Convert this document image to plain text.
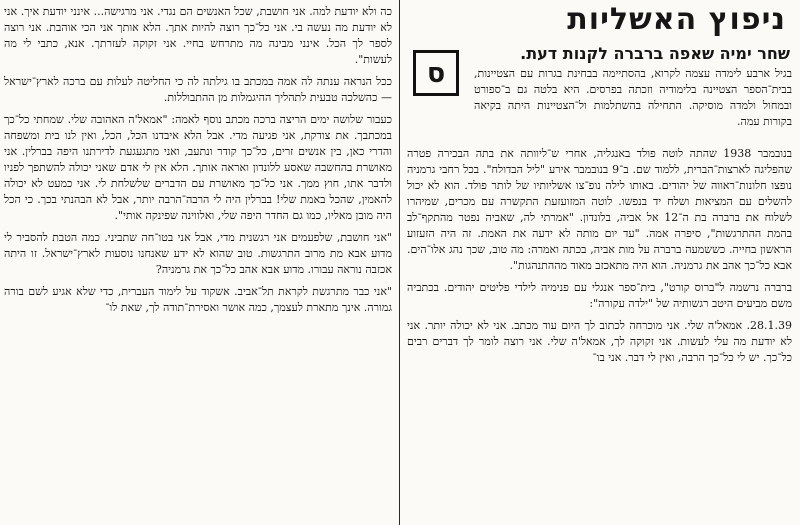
ניפוץ האשליות
שחר ימיה שאפה ברברה לקנות דעת.
ס	בגיל ארבע לימדה עצמה לקרוא, בהסתיימה בבחינת בגרות עם הצטיינות, בבית־הספר הצטיינה בלימודיה וזכתה בפרסים. היא בלטה גם ב־ספורט ובמחול ולמדה מוסיקה. התחילה בהשתלמות ול־הצטיינות היתה בקיאה בקורות עמה.

בנובמבר 1938 שהתה לוטה פולד באנגליה, אחרי ש־ליוותה את בתה הבכירה פטרה שהפליגה לארצות־הברית, ללמוד שם. ב־9 בנובמבר אירע "ליל הבדולח". בכל רחבי גרמניה נופצו חלונות־ראווה של יהודים. באותו לילה נופ־צו אשליותיו של לותר פולד. הוא לא יכול להשלים עם המציאות ושלח יד בנפשו. לוטה המזועזעת התקשרה עם מכרים, שמיהרו לשלוח את ברברה בת ה־12 אל אביה, בלונדון. "אמרתי לה, שאביה נפטר מהתקף־לב בהמת ההתרגשות", סיפרה אמה. "עד יום מותה לא ידעה את האמת. זה היה הזעזוע הראשון בחייה. כששמעה ברברה על מות אביה, בכתה ואמרה: מה טוב, שכך נהג אלו־הים. אבא כל־כך אהב את גרמניה. הוא היה מתאכזב מאוד מההתנהגות".

ברברה נרשמה ל"ברוס קורט", בית־ספר אנגלי עם פנימיה לילדי פליטים יהודים. בכתביה משם מביעים היטב רגשותיה של "ילדה עקורה":

28.1.39. אמאל'ה שלי. אני מוכרחה לכתוב לך היום עוד מכתב. אני לא יכולה יותר. אני לא יודעת מה עלי לעשות. אני זקוקה לך, אמאל'ה שלי. אני רוצה לומר לך דברים רבים כל־כך. יש לי כל־כך הרבה, ואין לי דבר. אני בו־

כה ולא יודעת למה. אני חושבת, שכל האנשים הם נגדי. אני מרגישה... אינני יודעת איך. אני לא יודעת מה נעשה בי. אני כל־כך רוצה להיות אתך. הלא אותך אני הכי אוהבת. אני רוצה לספר לך הכל. אינני מבינה מה מתרחש בחיי. אני זקוקה לעזרתך. אנא, כתבי לי מה לעשות".

ככל הנראה ענתה לה אמה במכתב בו גילתה לה כי החליטה לעלות עם ברכה לארץ־ישראל — כהשלכה טבעית לתהליך ההיגמלות מן ההתבוללות.

כעבור שלושה ימים הריצה ברכה מכתב נוסף לאמה: "אמאל'ה האהובה שלי. שמחתי כל־כך במכתבך. את צודקת, אני פגיעה מדי. אבל הלא איבדנו הכל, הכל, ואין לנו בית ומשפחה והדרי כאן, בין אנשים זרים, כל־כך קודר ונתעב, ואני מתגעגעת לדירתנו היפה בברלין. אני מאושרת בהחשבה שאסע ללונדון ואראה אותך. הלא אין לי אדם שאני יכולה להשתפך לפניו ולדבר אתו, חוץ ממך. אני כל־כך מאושרת עם הדברים שלשלחת לי. אני כמעט לא יכולה להאמין, שהכל באמת שלי! בברלין היה לי הרבה־הרבה יותר, אבל לא הבהנתי בכך. כי הכל היה מובן מאליו, כמו גם החדר היפה שלי, ואלווינה שפינקה אותי".

"אני חושבת, שלפעמים אני רגשנית מדי, אבל אני בטו־חה שתביני. כמה הטבת להסביר לי מדוע אבא מת מרוב התרגשות. טוב שהוא לא ידע שאנחנו נוסעות לארץ־ישראל. זו היתה אכזבה נוראה עבורו. מדוע אבא אהב כל־כך את גרמניה?

"אני כבר מתרגשת לקראת תל־אביב. אשקוד על לימוד העברית, כדי שלא אגיע לשם בורה גמורה. אינך מתארת לעצמך, כמה אושר ואסירת־תודה לך, שאת לו־
